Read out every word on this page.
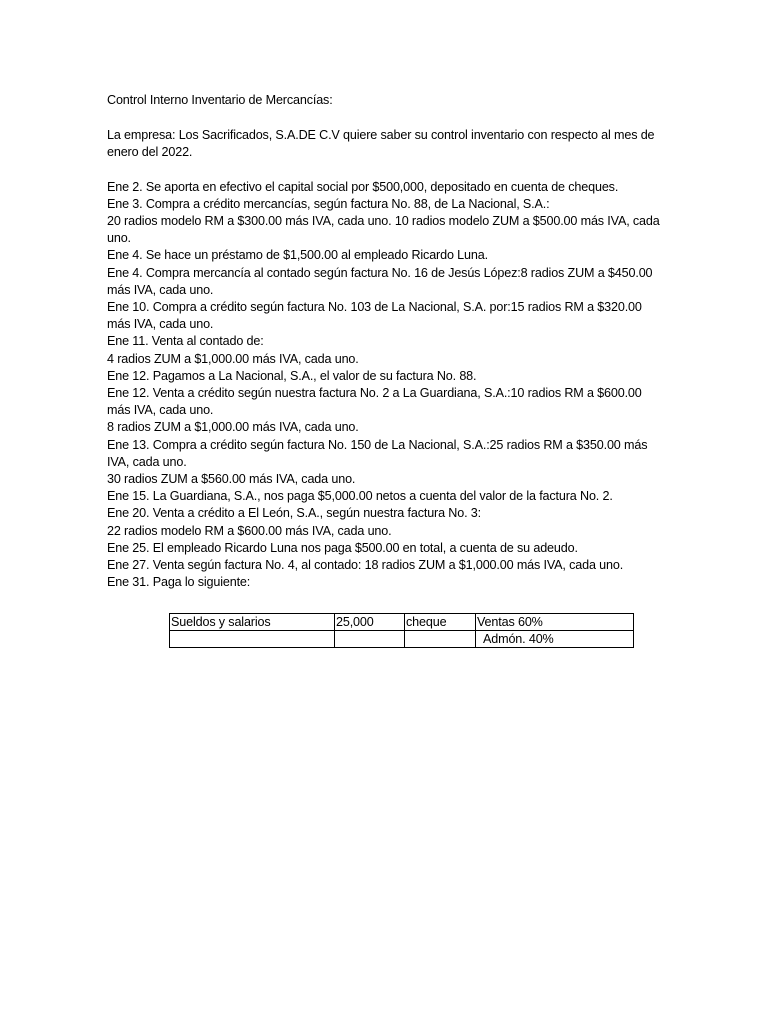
Control Interno Inventario de Mercancías:

La empresa: Los Sacrificados, S.A.DE C.V quiere saber su control inventario con respecto al mes de enero del 2022.

Ene 2. Se aporta en efectivo el capital social por $500,000, depositado en cuenta de cheques.
Ene 3. Compra a crédito mercancías, según factura No. 88, de La Nacional, S.A.:
20 radios modelo RM a $300.00 más IVA, cada uno. 10 radios modelo ZUM a $500.00 más IVA, cada uno.
Ene 4. Se hace un préstamo de $1,500.00 al empleado Ricardo Luna.
Ene 4. Compra mercancía al contado según factura No. 16 de Jesús López:8 radios ZUM a $450.00 más IVA, cada uno.
Ene 10. Compra a crédito según factura No. 103 de La Nacional, S.A. por:15 radios RM a $320.00 más IVA, cada uno.
Ene 11. Venta al contado de:
4 radios ZUM a $1,000.00 más IVA, cada uno.
Ene 12. Pagamos a La Nacional, S.A., el valor de su factura No. 88.
Ene 12. Venta a crédito según nuestra factura No. 2 a La Guardiana, S.A.:10 radios RM a $600.00 más IVA, cada uno.
8 radios ZUM a $1,000.00 más IVA, cada uno.
Ene 13. Compra a crédito según factura No. 150 de La Nacional, S.A.:25 radios RM a $350.00 más IVA, cada uno.
30 radios ZUM a $560.00 más IVA, cada uno.
Ene 15. La Guardiana, S.A., nos paga $5,000.00 netos a cuenta del valor de la factura No. 2.
Ene 20. Venta a crédito a El León, S.A., según nuestra factura No. 3:
22 radios modelo RM a $600.00 más IVA, cada uno.
Ene 25. El empleado Ricardo Luna nos paga $500.00 en total, a cuenta de su adeudo.
Ene 27. Venta según factura No. 4, al contado: 18 radios ZUM a $1,000.00 más IVA, cada uno.
Ene 31. Paga lo siguiente:
Sueldos y salarios	25,000	cheque	Ventas 60%
			Admón. 40%
